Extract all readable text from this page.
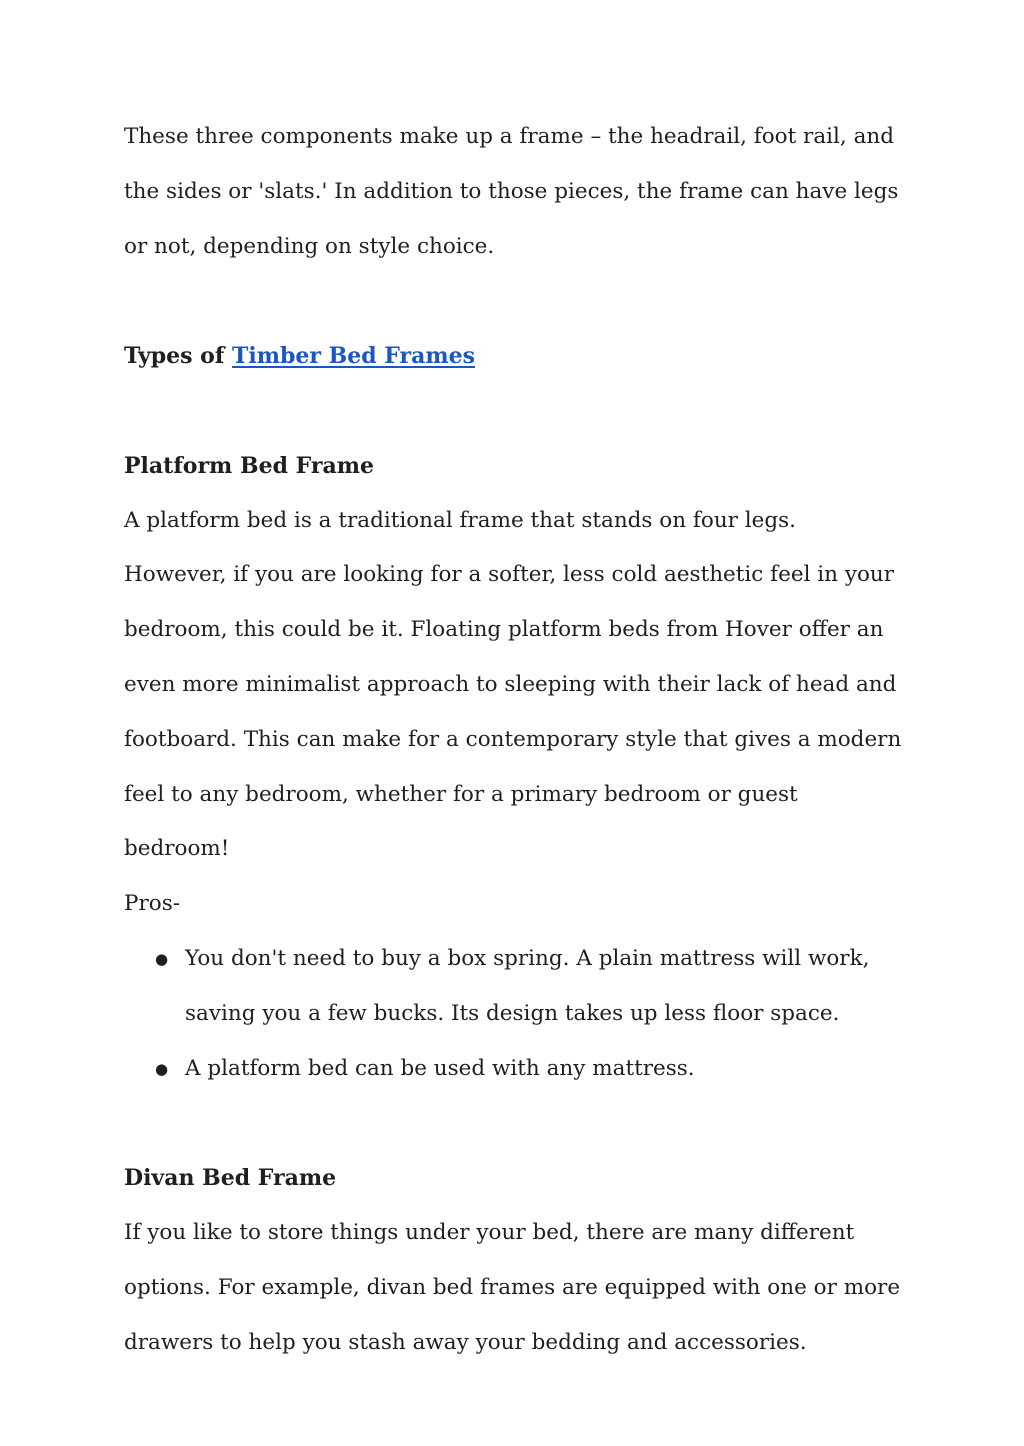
These three components make up a frame – the headrail, foot rail, and the sides or 'slats.' In addition to those pieces, the frame can have legs or not, depending on style choice.

Types of Timber Bed Frames

Platform Bed Frame

A platform bed is a traditional frame that stands on four legs. However, if you are looking for a softer, less cold aesthetic feel in your bedroom, this could be it. Floating platform beds from Hover offer an even more minimalist approach to sleeping with their lack of head and footboard. This can make for a contemporary style that gives a modern feel to any bedroom, whether for a primary bedroom or guest bedroom!

Pros-

● You don't need to buy a box spring. A plain mattress will work, saving you a few bucks. Its design takes up less floor space.
● A platform bed can be used with any mattress.

Divan Bed Frame

If you like to store things under your bed, there are many different options. For example, divan bed frames are equipped with one or more drawers to help you stash away your bedding and accessories.
